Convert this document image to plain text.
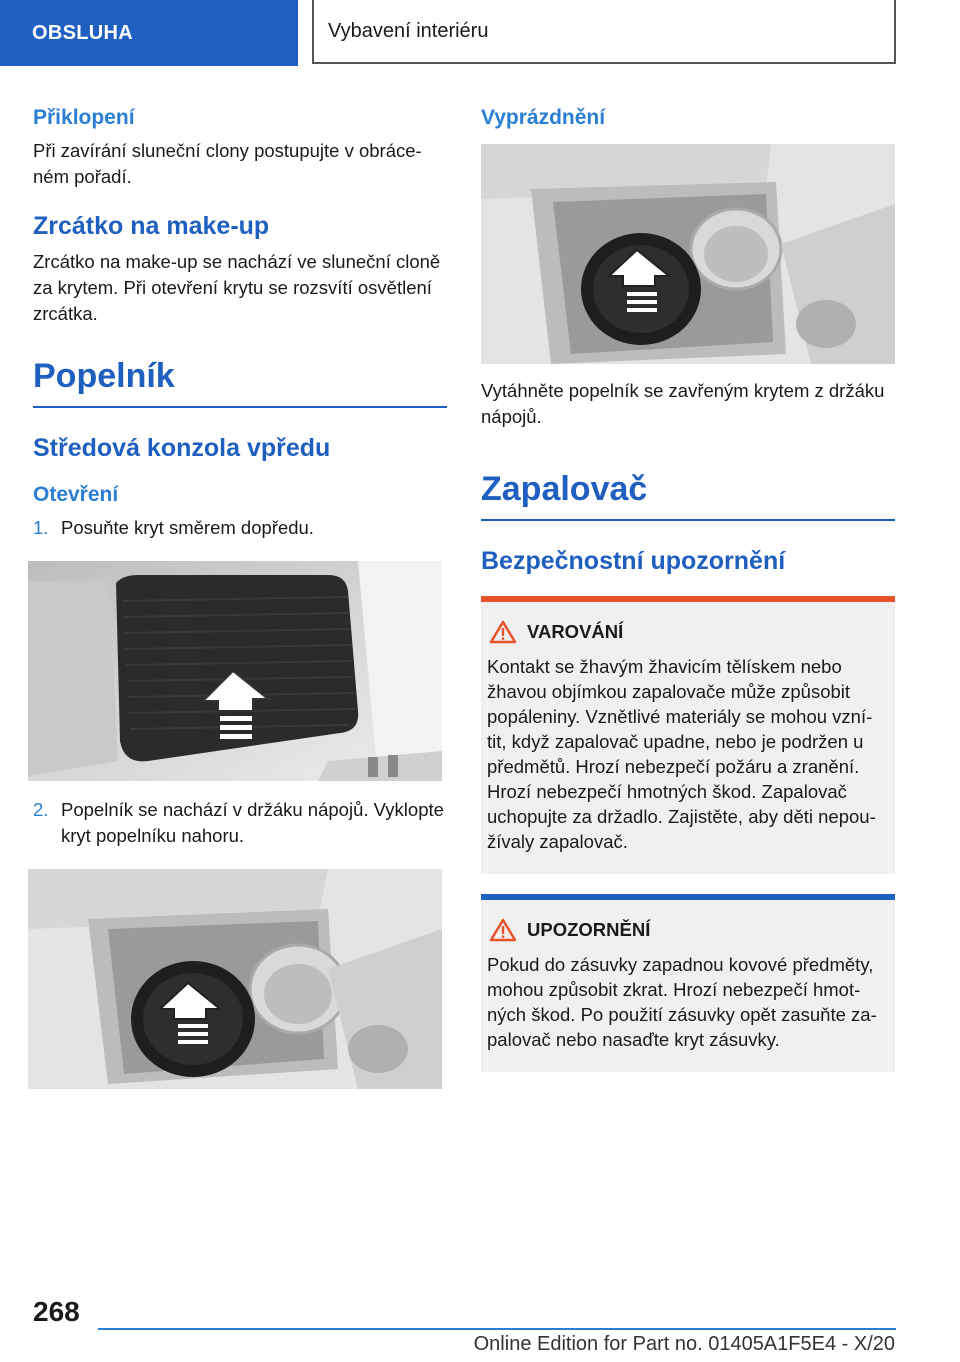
OBSLUHA	Vybavení interiéru
Přiklopení

Při zavírání sluneční clony postupujte v obráce-ném pořadí.

Zrcátko na make-up

Zrcátko na make-up se nachází ve sluneční cloně za krytem. Při otevření krytu se rozsvítí osvětlení zrcátka.

Popelník
Středová konzola vpředu
Otevření
1. Posuňte kryt směrem dopředu.
2. Popelník se nachází v držáku nápojů. Vyklopte kryt popelníku nahoru.
Vyprázdnění

Vytáhněte popelník se zavřeným krytem z držáku nápojů.

Zapalovač
Bezpečnostní upozornění
VAROVÁNÍ

Kontakt se žhavým žhavicím tělískem nebo žhavou objímkou zapalovače může způsobit popáleniny. Vznětlivé materiály se mohou vzní-tit, když zapalovač upadne, nebo je podržen u předmětů. Hrozí nebezpečí požáru a zranění. Hrozí nebezpečí hmotných škod. Zapalovač uchopujte za držadlo. Zajistěte, aby děti nepou-žívaly zapalovač.

UPOZORNĚNÍ

Pokud do zásuvky zapadnou kovové předměty, mohou způsobit zkrat. Hrozí nebezpečí hmot-ných škod. Po použití zásuvky opět zasuňte za-palovač nebo nasaďte kryt zásuvky.

268
Online Edition for Part no. 01405A1F5E4 - X/20
